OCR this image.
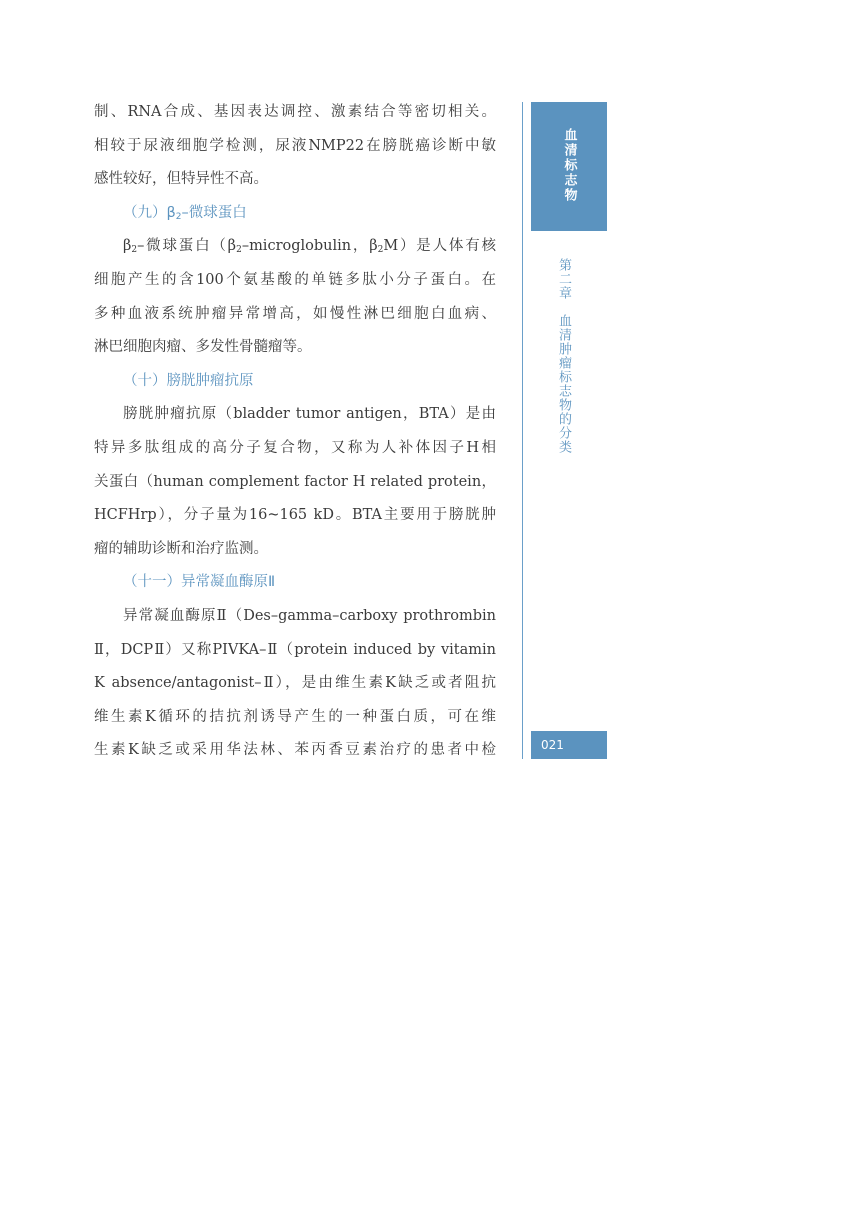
制、RNA合成、基因表达调控、激素结合等密切相关。

相较于尿液细胞学检测，尿液NMP22在膀胱癌诊断中敏

感性较好，但特异性不高。

（九）$\beta_2-$微球蛋白

$\beta_2-$微球蛋白（$\beta_2$–microglobulin，$\beta_2M$）是人体有核

细胞产生的含100个氨基酸的单链多肽小分子蛋白。在

多种血液系统肿瘤异常增高，如慢性淋巴细胞白血病、

淋巴细胞肉瘤、多发性骨髓瘤等。

（十）膀胱肿瘤抗原

膀胱肿瘤抗原（bladder tumor antigen，BTA）是由

特异多肽组成的高分子复合物，又称为人补体因子H相

关蛋白（human complement factor H related protein，

HCFHrp），分子量为16~165 kD。BTA主要用于膀胱肿

瘤的辅助诊断和治疗监测。

（十一）异常凝血酶原Ⅱ

异常凝血酶原Ⅱ（Des–gamma–carboxy prothrombin

Ⅱ，DCPⅡ）又称PIVKA–Ⅱ（protein induced by vitamin

K absence/antagonist–Ⅱ），是由维生素K缺乏或者阻抗

维生素K循环的拮抗剂诱导产生的一种蛋白质，可在维

生素K缺乏或采用华法林、苯丙香豆素治疗的患者中检

血清标志物
第二章血清肿瘤标志物的分类
021
